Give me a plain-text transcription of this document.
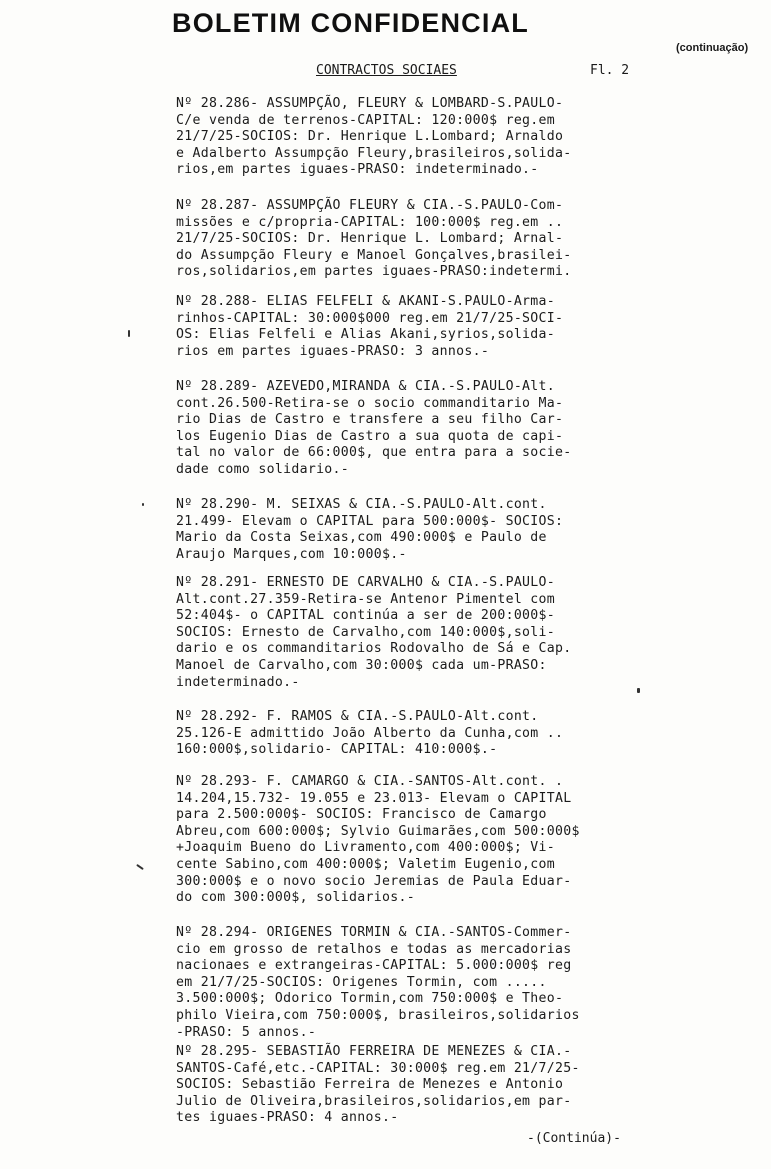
BOLETIM CONFIDENCIAL
(continuação)
CONTRACTOS SOCIAES	Fl. 2
Nº 28.286- ASSUMPÇÃO, FLEURY & LOMBARD-S.PAULO-
C/e venda de terrenos-CAPITAL: 120:000$ reg.em
21/7/25-SOCIOS: Dr. Henrique L.Lombard; Arnaldo
e Adalberto Assumpção Fleury,brasileiros,solida-
rios,em partes iguaes-PRASO: indeterminado.-
Nº 28.287- ASSUMPÇÃO FLEURY & CIA.-S.PAULO-Com-
missões e c/propria-CAPITAL: 100:000$ reg.em ..
21/7/25-SOCIOS: Dr. Henrique L. Lombard; Arnal-
do Assumpção Fleury e Manoel Gonçalves,brasilei-
ros,solidarios,em partes iguaes-PRASO:indetermi.
Nº 28.288- ELIAS FELFELI & AKANI-S.PAULO-Arma-
rinhos-CAPITAL: 30:000$000 reg.em 21/7/25-SOCI-
OS: Elias Felfeli e Alias Akani,syrios,solida-
rios em partes iguaes-PRASO: 3 annos.-
Nº 28.289- AZEVEDO,MIRANDA & CIA.-S.PAULO-Alt.
cont.26.500-Retira-se o socio commanditario Ma-
rio Dias de Castro e transfere a seu filho Car-
los Eugenio Dias de Castro a sua quota de capi-
tal no valor de 66:000$, que entra para a socie-
dade como solidario.-
Nº 28.290- M. SEIXAS & CIA.-S.PAULO-Alt.cont.
21.499- Elevam o CAPITAL para 500:000$- SOCIOS:
Mario da Costa Seixas,com 490:000$ e Paulo de
Araujo Marques,com 10:000$.-
Nº 28.291- ERNESTO DE CARVALHO & CIA.-S.PAULO-
Alt.cont.27.359-Retira-se Antenor Pimentel com
52:404$- o CAPITAL continúa a ser de 200:000$-
SOCIOS: Ernesto de Carvalho,com 140:000$,soli-
dario e os commanditarios Rodovalho de Sá e Cap.
Manoel de Carvalho,com 30:000$ cada um-PRASO:
indeterminado.-
Nº 28.292- F. RAMOS & CIA.-S.PAULO-Alt.cont.
25.126-E admittido João Alberto da Cunha,com ..
160:000$,solidario- CAPITAL: 410:000$.-
Nº 28.293- F. CAMARGO & CIA.-SANTOS-Alt.cont. .
14.204,15.732- 19.055 e 23.013- Elevam o CAPITAL
para 2.500:000$- SOCIOS: Francisco de Camargo
Abreu,com 600:000$; Sylvio Guimarães,com 500:000$
+Joaquim Bueno do Livramento,com 400:000$; Vi-
cente Sabino,com 400:000$; Valetim Eugenio,com
300:000$ e o novo socio Jeremias de Paula Eduar-
do com 300:000$, solidarios.-
Nº 28.294- ORIGENES TORMIN & CIA.-SANTOS-Commer-
cio em grosso de retalhos e todas as mercadorias
nacionaes e extrangeiras-CAPITAL: 5.000:000$ reg
em 21/7/25-SOCIOS: Origenes Tormin, com .....
3.500:000$; Odorico Tormin,com 750:000$ e Theo-
philo Vieira,com 750:000$, brasileiros,solidarios
-PRASO: 5 annos.-
Nº 28.295- SEBASTIÃO FERREIRA DE MENEZES & CIA.-
SANTOS-Café,etc.-CAPITAL: 30:000$ reg.em 21/7/25-
SOCIOS: Sebastião Ferreira de Menezes e Antonio
Julio de Oliveira,brasileiros,solidarios,em par-
tes iguaes-PRASO: 4 annos.-
-(Continúa)-
